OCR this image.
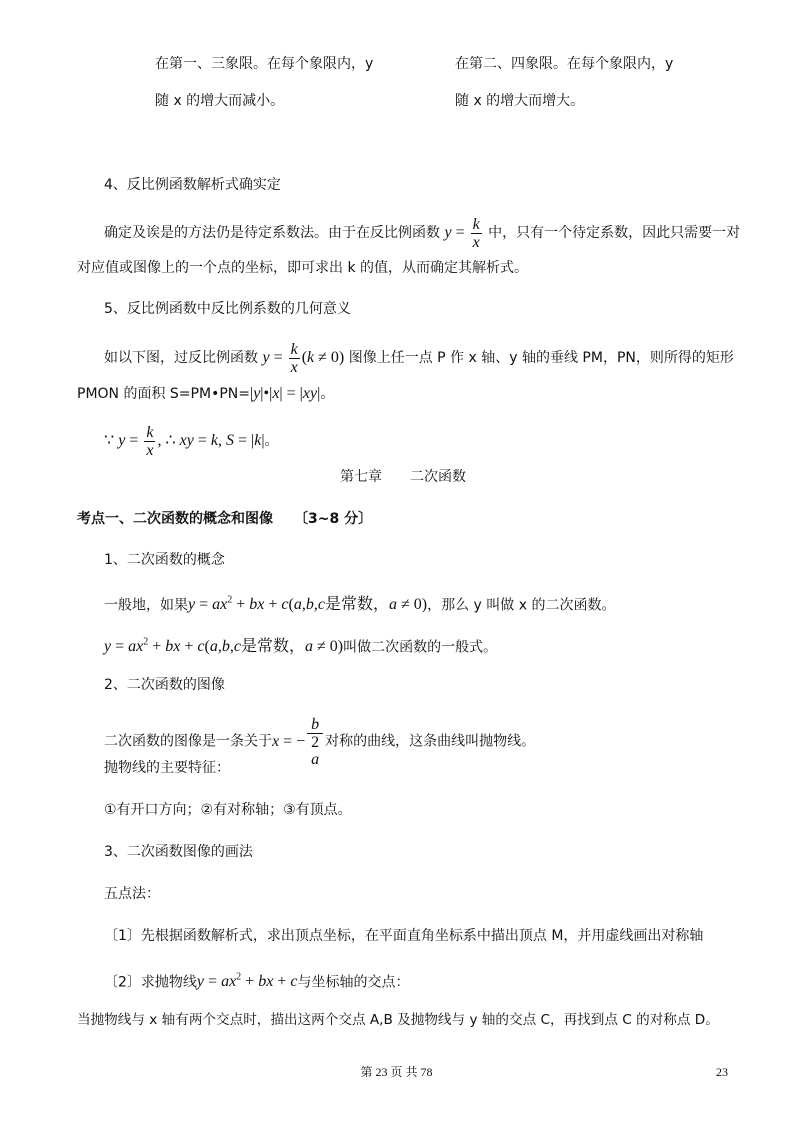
在第一、三象限。在每个象限内，y
随 x 的增大而减小。
在第二、四象限。在每个象限内，y
随 x 的增大而增大。
4、反比例函数解析式确实定
确定及诶是的方法仍是待定系数法。由于在反比例函数 $y = \frac{k}{x}$ 中，只有一个待定系数，因此只需要一对
对应值或图像上的一个点的坐标，即可求出 k 的值，从而确定其解析式。
5、反比例函数中反比例系数的几何意义
如以下图，过反比例函数 $y = \frac{k}{x} (k \ne 0)$ 图像上任一点 P 作 x 轴、y 轴的垂线 PM，PN，则所得的矩形
PMON 的面积 S=PM•PN=|y|•|x| = |xy|。
∵ $y = \frac{k}{x}$ , ∴ xy = k, S = |k|。
第七章　　二次函数
考点一、二次函数的概念和图像　　〔3~8 分〕
1、二次函数的概念
一般地，如果$y = ax^2$ + bx + c(a,b,c是常数，a ≠ 0)，那么 y 叫做 x 的二次函数。
$y = ax^2$ + bx + c(a,b,c是常数，a ≠ 0)叫做二次函数的一般式。
2、二次函数的图像
二次函数的图像是一条关于x = − b
2
a 对称的曲线，这条曲线叫抛物线。
抛物线的主要特征：
①有开口方向；②有对称轴；③有顶点。
3、二次函数图像的画法
五点法：
〔1〕先根据函数解析式，求出顶点坐标，在平面直角坐标系中描出顶点 M，并用虚线画出对称轴
〔2〕求抛物线$y = ax^2$ + bx + c与坐标轴的交点：
当抛物线与 x 轴有两个交点时，描出这两个交点 A,B 及抛物线与 y 轴的交点 C，再找到点 C 的对称点 D。
第 23 页 共 78	23
